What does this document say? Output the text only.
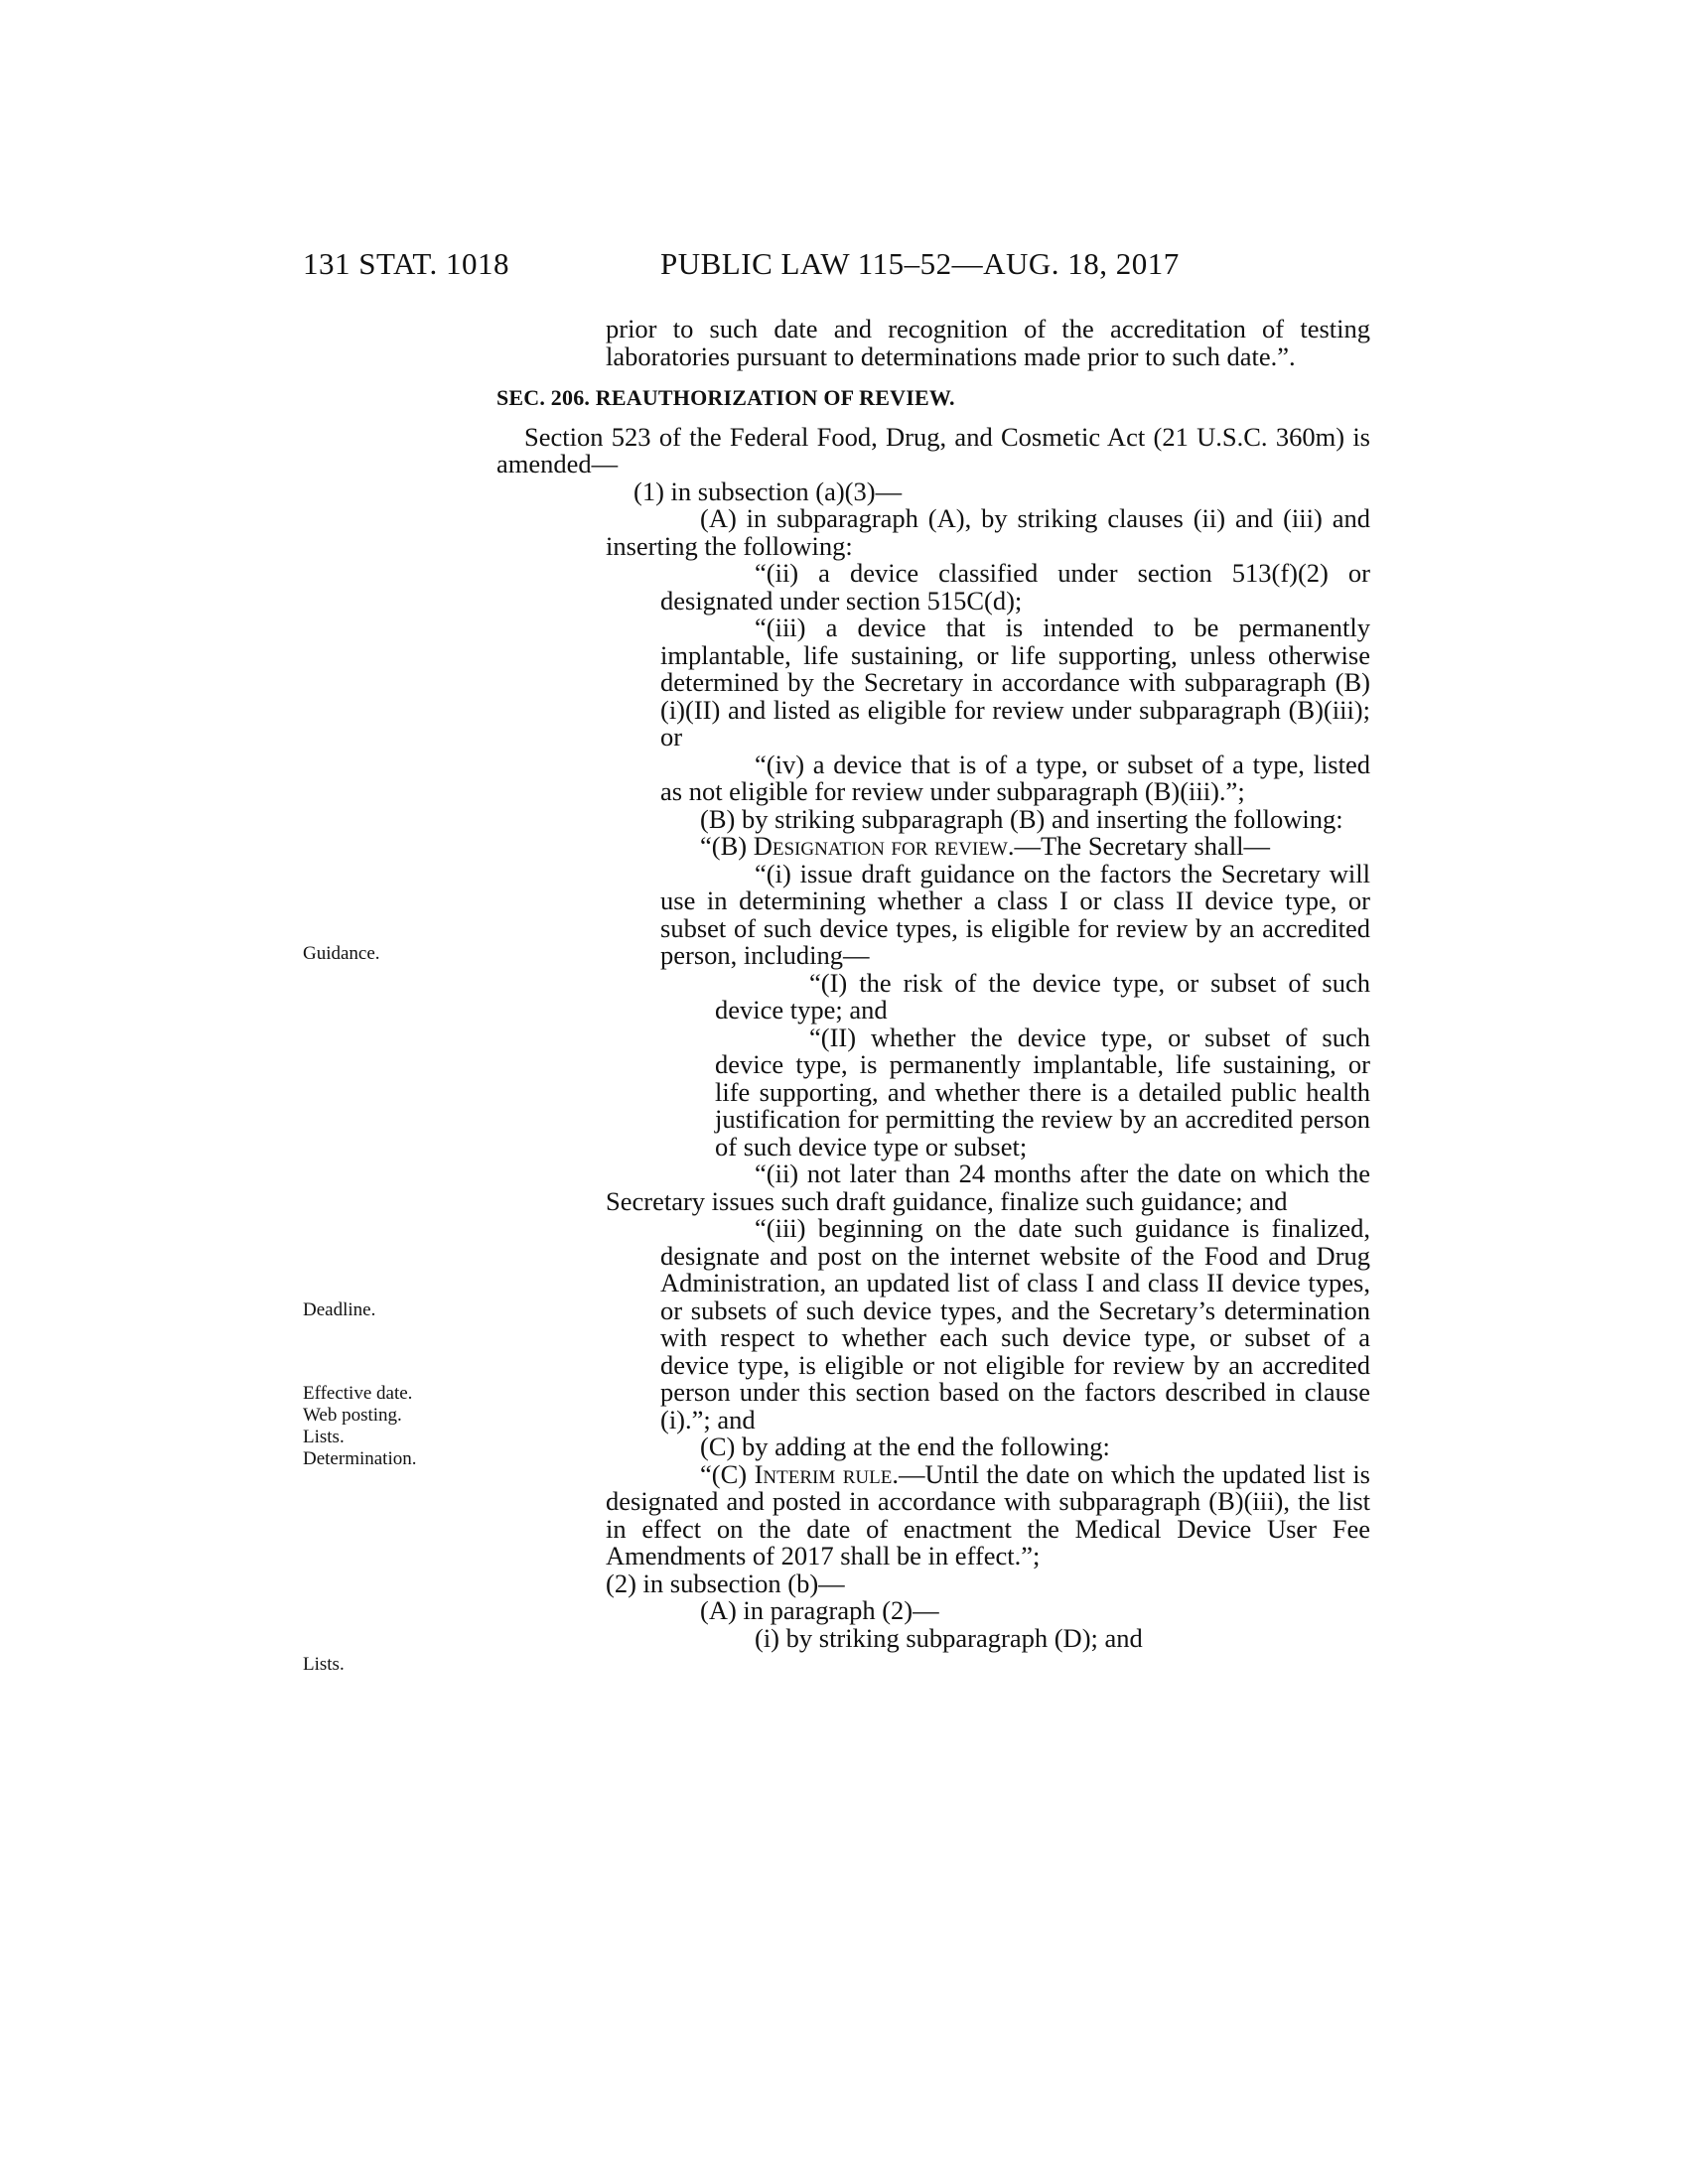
131 STAT. 1018	PUBLIC LAW 115–52—AUG. 18, 2017
Guidance.
Deadline.
Effective date.
Web posting.
Lists.
Determination.
Lists.

prior to such date and recognition of the accreditation of testing laboratories pursuant to determinations made prior to such date.”.

SEC. 206. REAUTHORIZATION OF REVIEW.

Section 523 of the Federal Food, Drug, and Cosmetic Act (21 U.S.C. 360m) is amended—

(1) in subsection (a)(3)—

(A) in subparagraph (A), by striking clauses (ii) and (iii) and inserting the following:

“(ii) a device classified under section 513(f)(2) or designated under section 515C(d);

“(iii) a device that is intended to be permanently implantable, life sustaining, or life supporting, unless otherwise determined by the Secretary in accordance with subparagraph (B)(i)(II) and listed as eligible for review under subparagraph (B)(iii); or

“(iv) a device that is of a type, or subset of a type, listed as not eligible for review under subparagraph (B)(iii).”;

(B) by striking subparagraph (B) and inserting the following:

“(B) Designation for review.—The Secretary shall—

“(i) issue draft guidance on the factors the Secretary will use in determining whether a class I or class II device type, or subset of such device types, is eligible for review by an accredited person, including—

“(I) the risk of the device type, or subset of such device type; and

“(II) whether the device type, or subset of such device type, is permanently implantable, life sustaining, or life supporting, and whether there is a detailed public health justification for permitting the review by an accredited person of such device type or subset;

“(ii) not later than 24 months after the date on which the Secretary issues such draft guidance, finalize such guidance; and

“(iii) beginning on the date such guidance is finalized, designate and post on the internet website of the Food and Drug Administration, an updated list of class I and class II device types, or subsets of such device types, and the Secretary’s determination with respect to whether each such device type, or subset of a device type, is eligible or not eligible for review by an accredited person under this section based on the factors described in clause (i).”; and

(C) by adding at the end the following:

“(C) Interim rule.—Until the date on which the updated list is designated and posted in accordance with subparagraph (B)(iii), the list in effect on the date of enactment the Medical Device User Fee Amendments of 2017 shall be in effect.”;

(2) in subsection (b)—

(A) in paragraph (2)—

(i) by striking subparagraph (D); and
